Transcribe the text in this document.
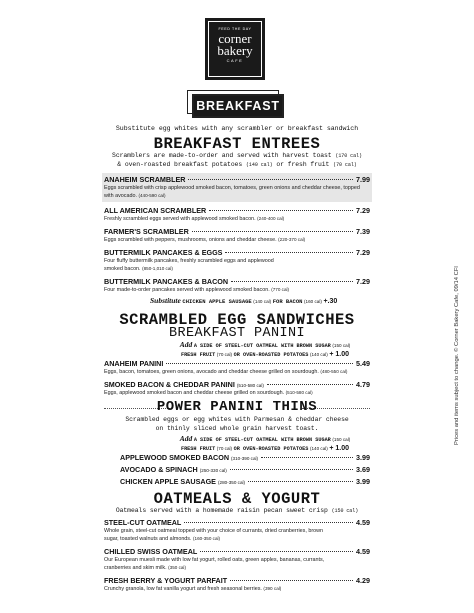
FEED THE DAY
corner
bakery
CAFE
BREAKFAST
Substitute egg whites with any scrambler or breakfast sandwich
BREAKFAST ENTREES
Scramblers are made-to-order and served with harvest toast (170 cal)
& oven-roasted breakfast potatoes (140 cal) or fresh fruit (70 cal)
ANAHEIM SCRAMBLER	7.99
Eggs scrambled with crisp applewood smoked bacon, tomatoes, green onions and cheddar cheese, topped with avocado. (440-590 cal)
ALL AMERICAN SCRAMBLER	7.29
Freshly scrambled eggs served with applewood smoked bacon. (240-400 cal)
FARMER'S SCRAMBLER	7.39
Eggs scrambled with peppers, mushrooms, onions and cheddar cheese. (220-370 cal)
BUTTERMILK PANCAKES & EGGS	7.29
Four fluffy buttermilk pancakes, freshly scrambled eggs and applewood smoked bacon. (850-1,010 cal)
BUTTERMILK PANCAKES & BACON	7.29
Four made-to-order pancakes served with applewood smoked bacon. (770 cal)
Substitute CHICKEN APPLE SAUSAGE (140 cal) FOR BACON (160 cal) +.30
SCRAMBLED EGG SANDWICHES
BREAKFAST PANINI
Add A SIDE OF STEEL-CUT OATMEAL WITH BROWN SUGAR (150 cal)
FRESH FRUIT (70 cal) OR OVEN-ROASTED POTATOES (140 cal) + 1.00
ANAHEIM PANINI	5.49
Eggs, bacon, tomatoes, green onions, avocado and cheddar cheese grilled on sourdough. (480-550 cal)
SMOKED BACON & CHEDDAR PANINI
(510-580 cal)	4.79
Eggs, applewood smoked bacon and cheddar cheese grilled on sourdough. (510-580 cal)
POWER PANINI THINS
Scrambled eggs or egg whites with Parmesan & cheddar cheese
on thinly sliced whole grain harvest toast.
Add A SIDE OF STEEL-CUT OATMEAL WITH BROWN SUGAR (150 cal)
FRESH FRUIT (70 cal) OR OVEN-ROASTED POTATOES (140 cal) + 1.00
APPLEWOOD SMOKED BACON
(310-390 cal)	3.99
AVOCADO & SPINACH
(250-330 cal)	3.69
CHICKEN APPLE SAUSAGE
(280-350 cal)	3.99
OATMEALS & YOGURT
Oatmeals served with a homemade raisin pecan sweet crisp (150 cal)
STEEL-CUT OATMEAL	4.59
Whole grain, steel-cut oatmeal topped with your choice of currants, dried cranberries, brown sugar, toasted walnuts and almonds. (160-350 cal)
CHILLED SWISS OATMEAL	4.59
Our European muesli made with low fat yogurt, rolled oats, green apples, bananas, currants, cranberries and skim milk. (350 cal)
FRESH BERRY & YOGURT PARFAIT	4.29
Crunchy granola, low fat vanilla yogurt and fresh seasonal berries. (390 cal)
Prices and items subject to change. © Corner Bakery Cafe, 09/14 CFI
